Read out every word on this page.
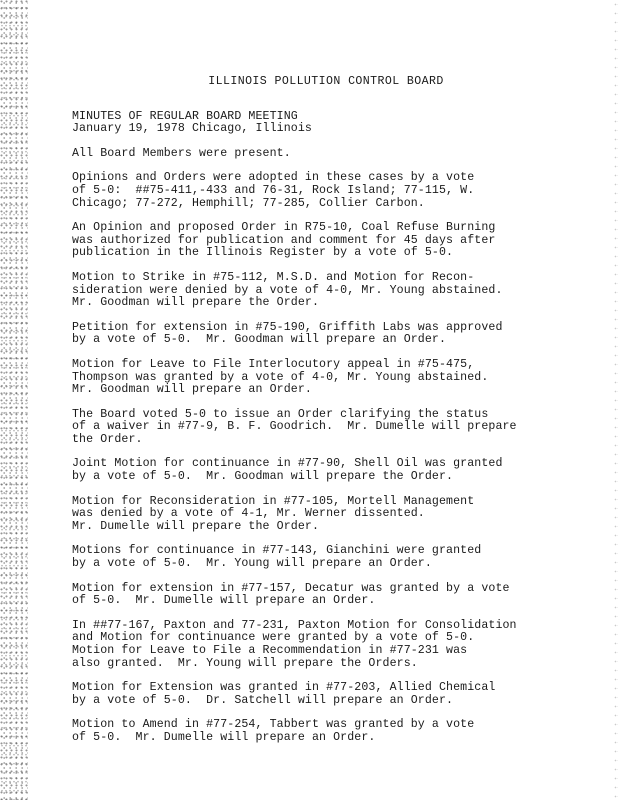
ILLINOIS POLLUTION CONTROL BOARD
MINUTES OF REGULAR BOARD MEETING
January 19, 1978 Chicago, Illinois
All Board Members were present.
Opinions and Orders were adopted in these cases by a vote
of 5-0:  ##75-411,-433 and 76-31, Rock Island; 77-115, W.
Chicago; 77-272, Hemphill; 77-285, Collier Carbon.
An Opinion and proposed Order in R75-10, Coal Refuse Burning
was authorized for publication and comment for 45 days after
publication in the Illinois Register by a vote of 5-0.
Motion to Strike in #75-112, M.S.D. and Motion for Recon-
sideration were denied by a vote of 4-0, Mr. Young abstained.
Mr. Goodman will prepare the Order.
Petition for extension in #75-190, Griffith Labs was approved
by a vote of 5-0.  Mr. Goodman will prepare an Order.
Motion for Leave to File Interlocutory appeal in #75-475,
Thompson was granted by a vote of 4-0, Mr. Young abstained.
Mr. Goodman will prepare an Order.
The Board voted 5-0 to issue an Order clarifying the status
of a waiver in #77-9, B. F. Goodrich.  Mr. Dumelle will prepare
the Order.
Joint Motion for continuance in #77-90, Shell Oil was granted
by a vote of 5-0.  Mr. Goodman will prepare the Order.
Motion for Reconsideration in #77-105, Mortell Management
was denied by a vote of 4-1, Mr. Werner dissented.
Mr. Dumelle will prepare the Order.
Motions for continuance in #77-143, Gianchini were granted
by a vote of 5-0.  Mr. Young will prepare an Order.
Motion for extension in #77-157, Decatur was granted by a vote
of 5-0.  Mr. Dumelle will prepare an Order.
In ##77-167, Paxton and 77-231, Paxton Motion for Consolidation
and Motion for continuance were granted by a vote of 5-0.
Motion for Leave to File a Recommendation in #77-231 was
also granted.  Mr. Young will prepare the Orders.
Motion for Extension was granted in #77-203, Allied Chemical
by a vote of 5-0.  Dr. Satchell will prepare an Order.
Motion to Amend in #77-254, Tabbert was granted by a vote
of 5-0.  Mr. Dumelle will prepare an Order.
